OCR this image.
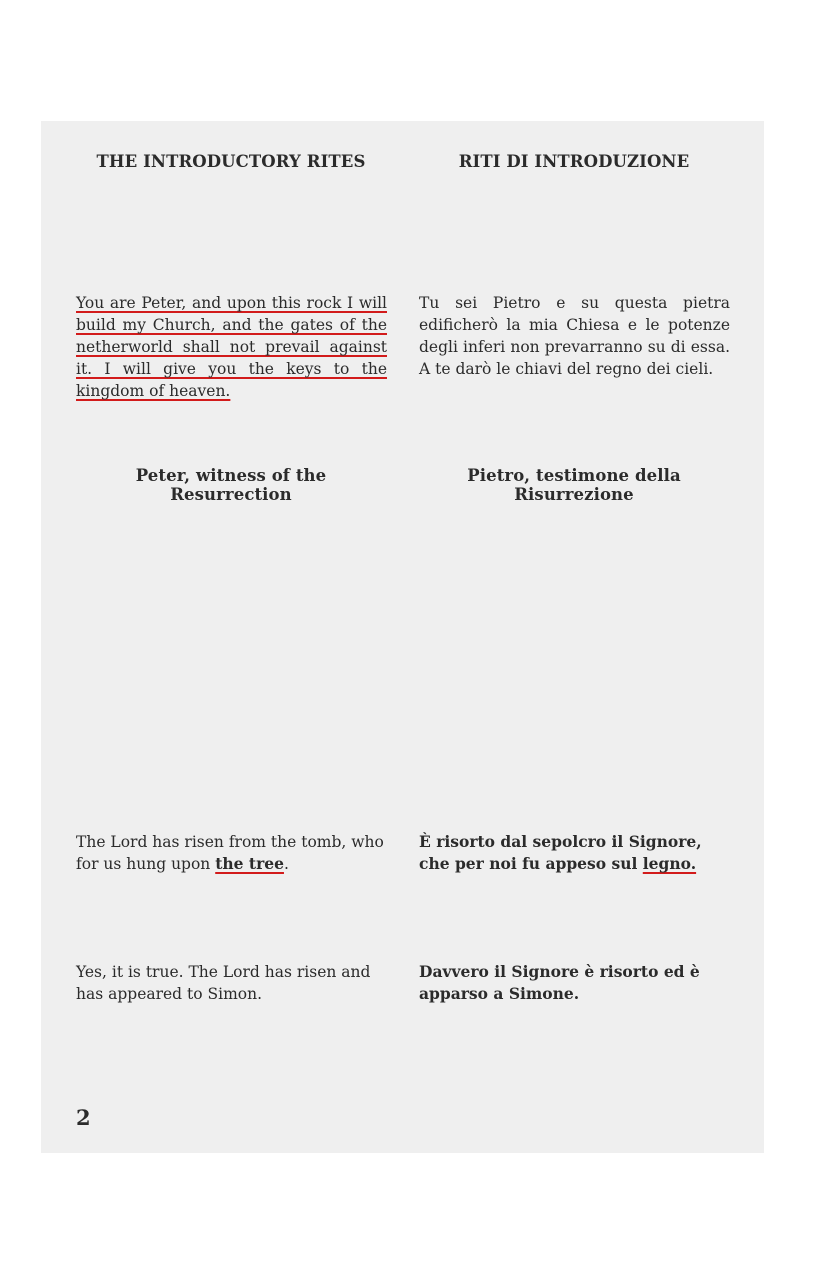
THE INTRODUCTORY RITES	RITI DI INTRODUZIONE
You are Peter, and upon this rock I will build my Church, and the gates of the netherworld shall not prevail against it. I will give you the keys to the kingdom of heaven.
Tu sei Pietro e su questa pietra edificherò la mia Chiesa e le potenze degli inferi non prevarranno su di essa. A te darò le chiavi del regno dei cieli.
Peter, witness of the Resurrection
Pietro, testimone della Risurrezione
The Lord has risen from the tomb, who for us hung upon the tree.
È risorto dal sepolcro il Signore, che per noi fu appeso sul legno.
Yes, it is true. The Lord has risen and has appeared to Simon.
Davvero il Signore è risorto ed è apparso a Simone.
2
